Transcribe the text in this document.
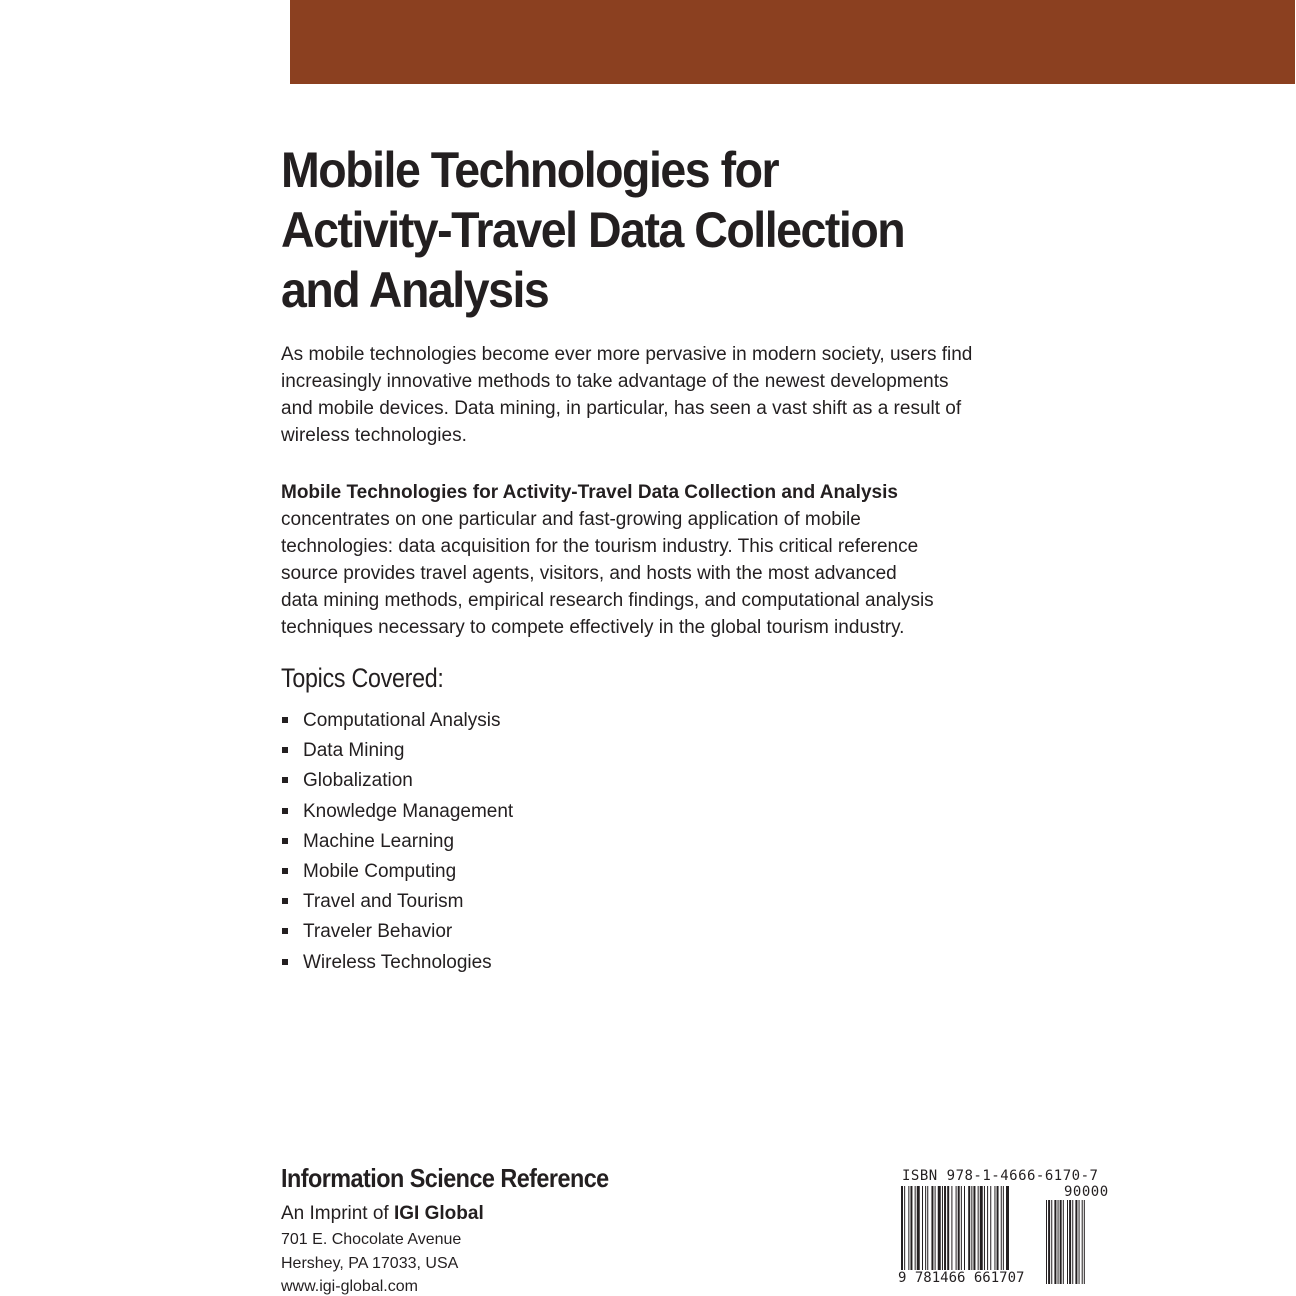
Mobile Technologies for
Activity-Travel Data Collection
and Analysis
As mobile technologies become ever more pervasive in modern society, users find
increasingly innovative methods to take advantage of the newest developments
and mobile devices. Data mining, in particular, has seen a vast shift as a result of
wireless technologies.
Mobile Technologies for Activity-Travel Data Collection and Analysis
concentrates on one particular and fast-growing application of mobile
technologies: data acquisition for the tourism industry. This critical reference
source provides travel agents, visitors, and hosts with the most advanced
data mining methods, empirical research findings, and computational analysis
techniques necessary to compete effectively in the global tourism industry.
Topics Covered:
Computational Analysis
Data Mining
Globalization
Knowledge Management
Machine Learning
Mobile Computing
Travel and Tourism
Traveler Behavior
Wireless Technologies
Information Science Reference
An Imprint of IGI Global
701 E. Chocolate Avenue
Hershey, PA 17033, USA
www.igi-global.com
ISBN 978-1-4666-6170-7
90000
9 781466 661707
